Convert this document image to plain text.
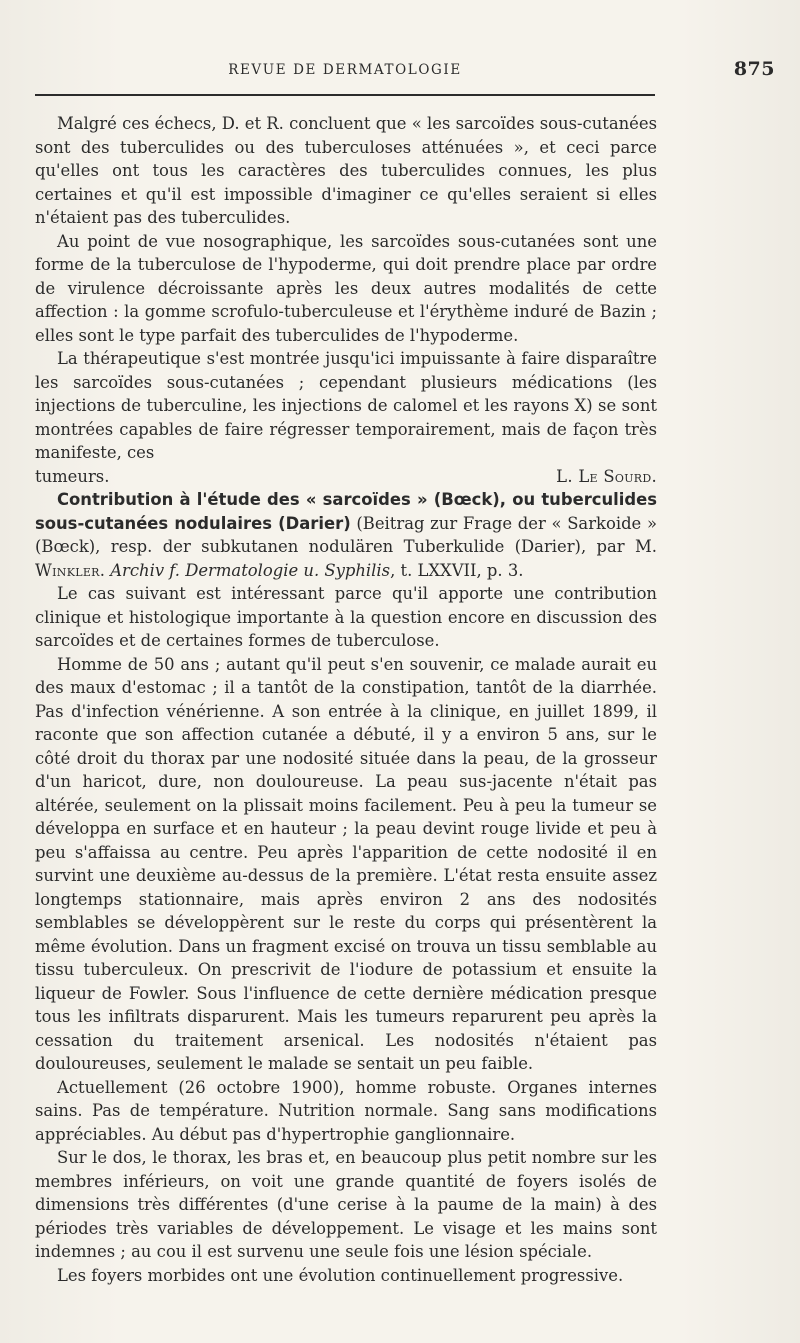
REVUE DE DERMATOLOGIE	875

Malgré ces échecs, D. et R. concluent que « les sarcoïdes sous-cutanées sont des tuberculides ou des tuberculoses atténuées », et ceci parce qu'elles ont tous les caractères des tuberculides connues, les plus certaines et qu'il est impossible d'imaginer ce qu'elles seraient si elles n'étaient pas des tuberculides.

Au point de vue nosographique, les sarcoïdes sous-cutanées sont une forme de la tuberculose de l'hypoderme, qui doit prendre place par ordre de virulence décroissante après les deux autres modalités de cette affection : la gomme scrofulo-tuberculeuse et l'érythème induré de Bazin ; elles sont le type parfait des tuberculides de l'hypoderme.

La thérapeutique s'est montrée jusqu'ici impuissante à faire disparaître les sarcoïdes sous-cutanées ; cependant plusieurs médications (les injections de tuberculine, les injections de calomel et les rayons X) se sont montrées capables de faire régresser temporairement, mais de façon très manifeste, ces

tumeurs.	L. Le Sourd.

Contribution à l'étude des « sarcoïdes » (Bœck), ou tuberculides sous-cutanées nodulaires (Darier) (Beitrag zur Frage der « Sarkoide » (Bœck), resp. der subkutanen nodulären Tuberkulide (Darier), par M. Winkler. Archiv f. Dermatologie u. Syphilis, t. LXXVII, p. 3.

Le cas suivant est intéressant parce qu'il apporte une contribution clinique et histologique importante à la question encore en discussion des sarcoïdes et de certaines formes de tuberculose.

Homme de 50 ans ; autant qu'il peut s'en souvenir, ce malade aurait eu des maux d'estomac ; il a tantôt de la constipation, tantôt de la diarrhée. Pas d'infection vénérienne. A son entrée à la clinique, en juillet 1899, il raconte que son affection cutanée a débuté, il y a environ 5 ans, sur le côté droit du thorax par une nodosité située dans la peau, de la grosseur d'un haricot, dure, non douloureuse. La peau sus-jacente n'était pas altérée, seulement on la plissait moins facilement. Peu à peu la tumeur se développa en surface et en hauteur ; la peau devint rouge livide et peu à peu s'affaissa au centre. Peu après l'apparition de cette nodosité il en survint une deuxième au-dessus de la première. L'état resta ensuite assez longtemps stationnaire, mais après environ 2 ans des nodosités semblables se développèrent sur le reste du corps qui présentèrent la même évolution. Dans un fragment excisé on trouva un tissu semblable au tissu tuberculeux. On prescrivit de l'iodure de potassium et ensuite la liqueur de Fowler. Sous l'influence de cette dernière médication presque tous les infiltrats disparurent. Mais les tumeurs reparurent peu après la cessation du traitement arsenical. Les nodosités n'étaient pas douloureuses, seulement le malade se sentait un peu faible.

Actuellement (26 octobre 1900), homme robuste. Organes internes sains. Pas de température. Nutrition normale. Sang sans modifications appréciables. Au début pas d'hypertrophie ganglionnaire.

Sur le dos, le thorax, les bras et, en beaucoup plus petit nombre sur les membres inférieurs, on voit une grande quantité de foyers isolés de dimensions très différentes (d'une cerise à la paume de la main) à des périodes très variables de développement. Le visage et les mains sont indemnes ; au cou il est survenu une seule fois une lésion spéciale.

Les foyers morbides ont une évolution continuellement progressive.
